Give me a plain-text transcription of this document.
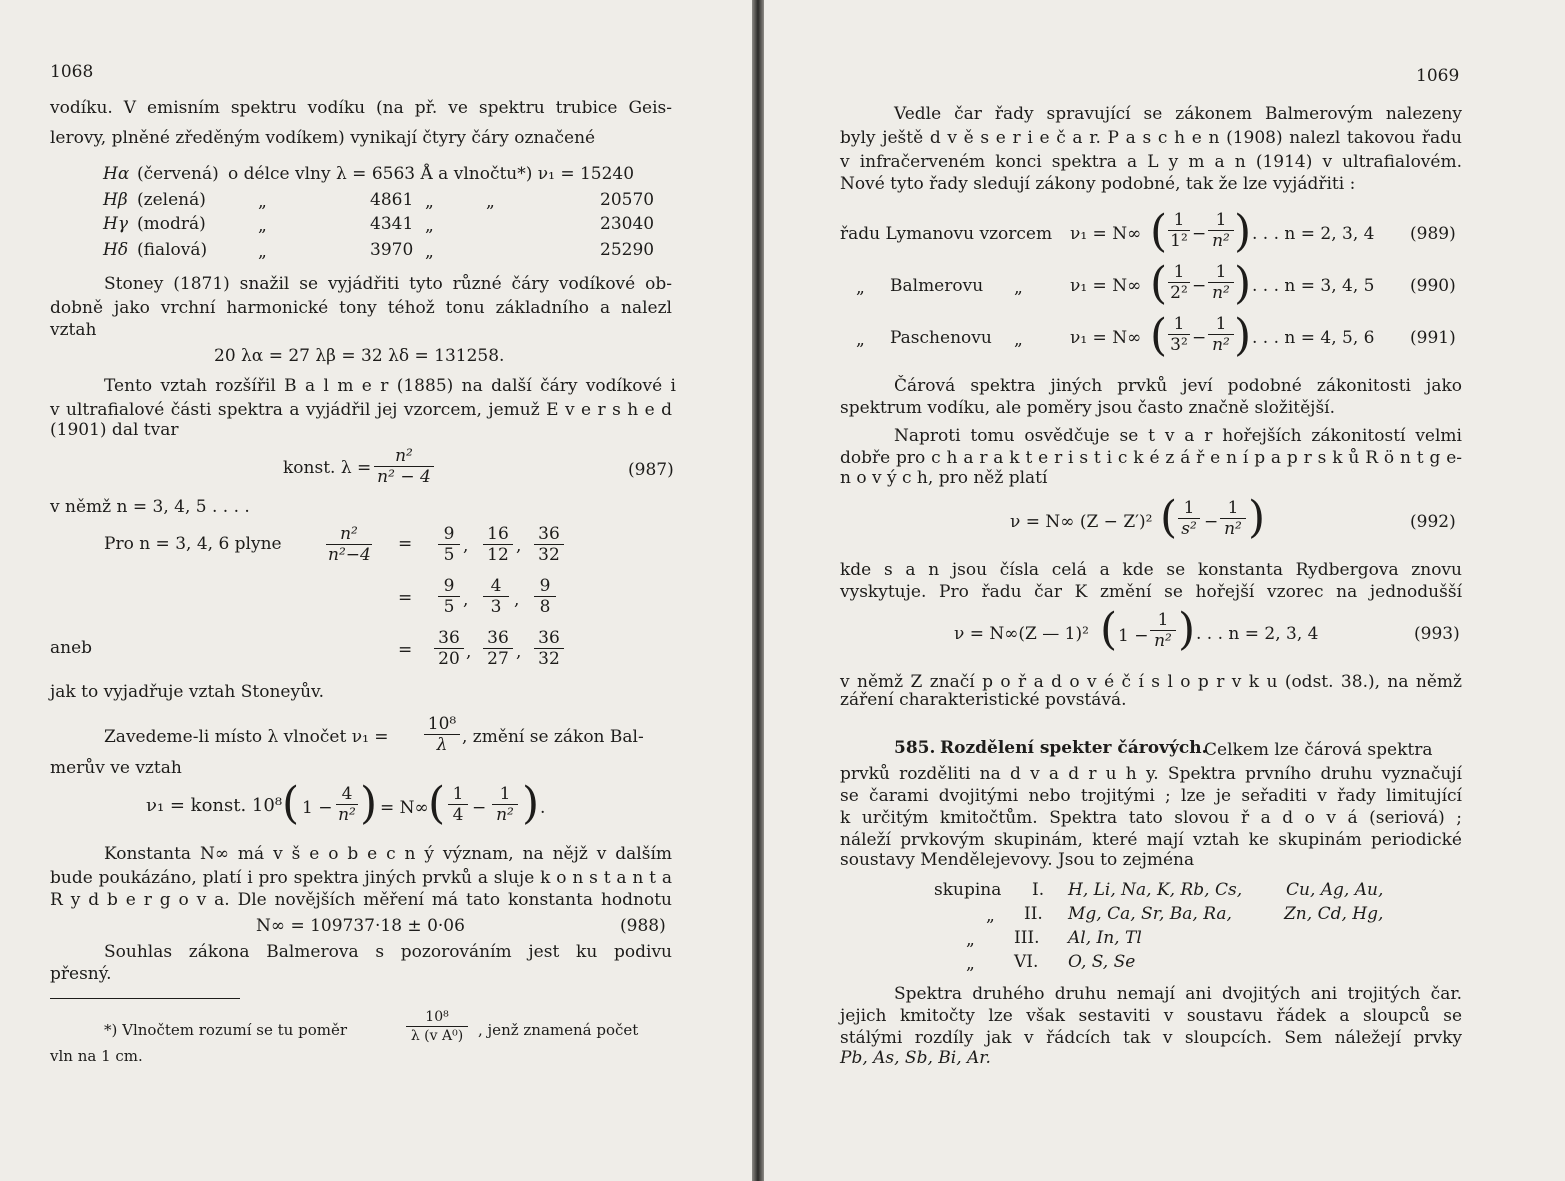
1068
vodíku. V emisním spektru vodíku (na př. ve spektru trubice Geis-
lerovy, plněné zředěným vodíkem) vynikají čtyry čáry označené
Hα (červená) o délce vlny λ = 6563 Å a vlnočtu*) ν₁ = 15240
Hβ (zelená)	„	4861 „	„	20570
Hγ (modrá)	„	4341 „	23040
Hδ (fialová)	„	3970 „	25290
Stoney (1871) snažil se vyjádřiti tyto různé čáry vodíkové ob-
dobně jako vrchní harmonické tony téhož tonu základního a nalezl
vztah
20 λα = 27 λβ = 32 λδ = 131258.
Tento vztah rozšířil B a l m e r (1885) na další čáry vodíkové i
v ultrafialové části spektra a vyjádřil jej vzorcem, jemuž E v e r s h e d
(1901) dal tvar
konst. $\lambda = \frac{\text{n²}}{\text{n² − 4}}$	(987)
v němž n = 3, 4, 5 . . . .
Pro n = 3, 4, 6 plyne	$\frac{\text{n²}}{\text{n²−4}} = \frac{9}{5}$ , $\frac{16}{12}$ , $\frac{36}{32}$
= $\frac{9}{5}$ , $\frac{4}{3}$ , $\frac{9}{8}$
aneb	= $\frac{36}{20}$ , $\frac{36}{27}$ , $\frac{36}{32}$
jak to vyjadřuje vztah Stoneyův.
Zavedeme-li místo λ vlnočet $\nu_1 = \frac{\text{10⁸}}{\lambda}$ , změní se zákon Bal-
merův ve vztah
ν₁ = konst. 10⁸ ( $1 - \frac{4}{\text{n²}}$ ) = N∞ ( $\frac{1}{4} - \frac{1}{\text{n²}}$ ) .
Konstanta N∞ má v š e o b e c n ý význam, na nějž v dalším
bude poukázáno, platí i pro spektra jiných prvků a sluje k o n s t a n t a
R y d b e r g o v a. Dle novějších měření má tato konstanta hodnotu
N∞ = 109737·18 ± 0·06	(988)
Souhlas zákona Balmerova s pozorováním jest ku podivu
přesný.
*) Vlnočtem rozumí se tu poměr	$\frac{\text{10⁸}}{\text{λ (v A⁰)}}$ , jenž znamená počet
vln na 1 cm.
1069
Vedle čar řady spravující se zákonem Balmerovým nalezeny
byly ještě d v ě s e r i e č a r. P a s c h e n (1908) nalezl takovou řadu
v infračerveném konci spektra a L y m a n (1914) v ultrafialovém.
Nové tyto řady sledují zákony podobné, tak že lze vyjádřiti :
řadu Lymanovu vzorcem ν₁ = N∞ ( $\frac{1}{\text{1²}} - \frac{1}{\text{n²}}$ ) . . . n = 2, 3, 4 (989)
„ Balmerovu „	ν₁ = N∞ ( $\frac{1}{\text{2²}} - \frac{1}{\text{n²}}$ ) . . . n = 3, 4, 5 (990)
„ Paschenovu „	ν₁ = N∞ ( $\frac{1}{\text{3²}} - \frac{1}{\text{n²}}$ ) . . . n = 4, 5, 6 (991)
Čárová spektra jiných prvků jeví podobné zákonitosti jako
spektrum vodíku, ale poměry jsou často značně složitější.
Naproti tomu osvědčuje se t v a r hořejších zákonitostí velmi
dobře pro c h a r a k t e r i s t i c k é z á ř e n í p a p r s k ů R ö n t g e-
n o v ý c h, pro něž platí
ν = N∞ (Z − Z′)² ( $\frac{1}{\text{s²}} - \frac{1}{\text{n²}}$ )	(992)
kde s a n jsou čísla celá a kde se konstanta Rydbergova znovu
vyskytuje. Pro řadu čar K změní se hořejší vzorec na jednodušší
ν = N∞(Z — 1)² ( $1 - \frac{1}{\text{n²}}$ ) . . . n = 2, 3, 4	(993)
v němž Z značí p o ř a d o v é č í s l o p r v k u (odst. 38.), na němž
záření charakteristické povstává.
585. Rozdělení spekter čárových.
Celkem lze čárová spektra
prvků rozděliti na d v a d r u h y. Spektra prvního druhu vyznačují
se čarami dvojitými nebo trojitými ; lze je seřaditi v řady limitující
k určitým kmitočtům. Spektra tato slovou ř a d o v á (seriová) ;
náleží prvkovým skupinám, které mají vztah ke skupinám periodické
soustavy Mendělejevovy. Jsou to zejména
skupina I. H, Li, Na, K, Rb, Cs,	Cu, Ag, Au,
„ II. Mg, Ca, Sr, Ba, Ra,	Zn, Cd, Hg,
„ III. Al, In, Tl
„ VI. O, S, Se
Spektra druhého druhu nemají ani dvojitých ani trojitých čar.
jejich kmitočty lze však sestaviti v soustavu řádek a sloupců se
stálými rozdíly jak v řádcích tak v sloupcích. Sem náležejí prvky
Pb, As, Sb, Bi, Ar.
